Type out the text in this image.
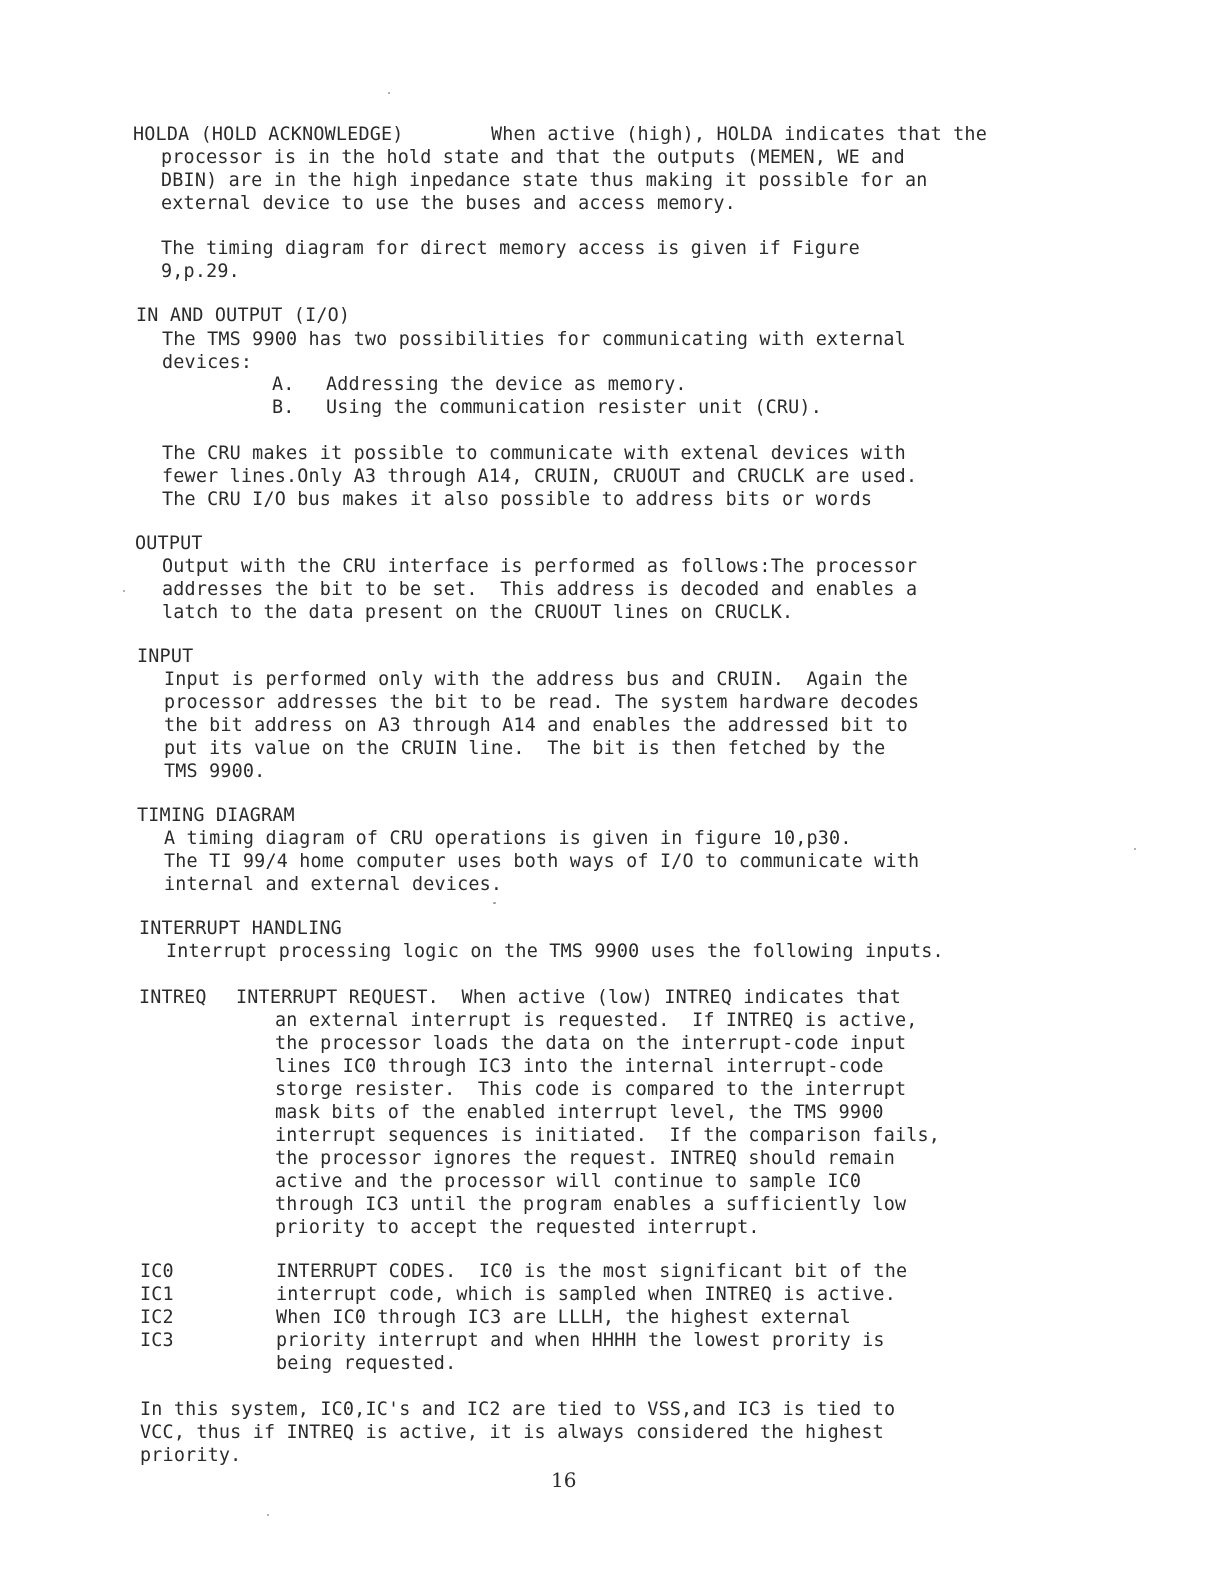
HOLDA (HOLD ACKNOWLEDGE)	When active (high), HOLDA indicates that the
processor is in the hold state and that the outputs (MEMEN, WE and
DBIN) are in the high inpedance state thus making it possible for an
external device to use the buses and access memory.
The timing diagram for direct memory access is given if Figure
9,p.29.
IN AND OUTPUT (I/O)
The TMS 9900 has two possibilities for communicating with external
devices:
A. Addressing the device as memory.
B. Using the communication resister unit (CRU).
The CRU makes it possible to communicate with extenal devices with
fewer lines.Only A3 through A14, CRUIN, CRUOUT and CRUCLK are used.
The CRU I/O bus makes it also possible to address bits or words
OUTPUT
Output with the CRU interface is performed as follows:The processor
addresses the bit to be set.  This address is decoded and enables a
latch to the data present on the CRUOUT lines on CRUCLK.
INPUT
Input is performed only with the address bus and CRUIN.  Again the
processor addresses the bit to be read. The system hardware decodes
the bit address on A3 through A14 and enables the addressed bit to
put its value on the CRUIN line.  The bit is then fetched by the
TMS 9900.
TIMING DIAGRAM
A timing diagram of CRU operations is given in figure 10,p30.
The TI 99/4 home computer uses both ways of I/O to communicate with
internal and external devices.
INTERRUPT HANDLING
Interrupt processing logic on the TMS 9900 uses the following inputs.
INTREQ INTERRUPT REQUEST.  When active (low) INTREQ indicates that
an external interrupt is requested.  If INTREQ is active,
the processor loads the data on the interrupt-code input
lines IC0 through IC3 into the internal interrupt-code
storge resister.  This code is compared to the interrupt
mask bits of the enabled interrupt level, the TMS 9900
interrupt sequences is initiated.  If the comparison fails,
the processor ignores the request. INTREQ should remain
active and the processor will continue to sample IC0
through IC3 until the program enables a sufficiently low
priority to accept the requested interrupt.
IC0
IC1
IC2
IC3
INTERRUPT CODES.  IC0 is the most significant bit of the
interrupt code, which is sampled when INTREQ is active.
When IC0 through IC3 are LLLH, the highest external
priority interrupt and when HHHH the lowest prority is
being requested.
In this system, IC0,IC's and IC2 are tied to VSS,and IC3 is tied to
VCC, thus if INTREQ is active, it is always considered the highest
priority.
16
